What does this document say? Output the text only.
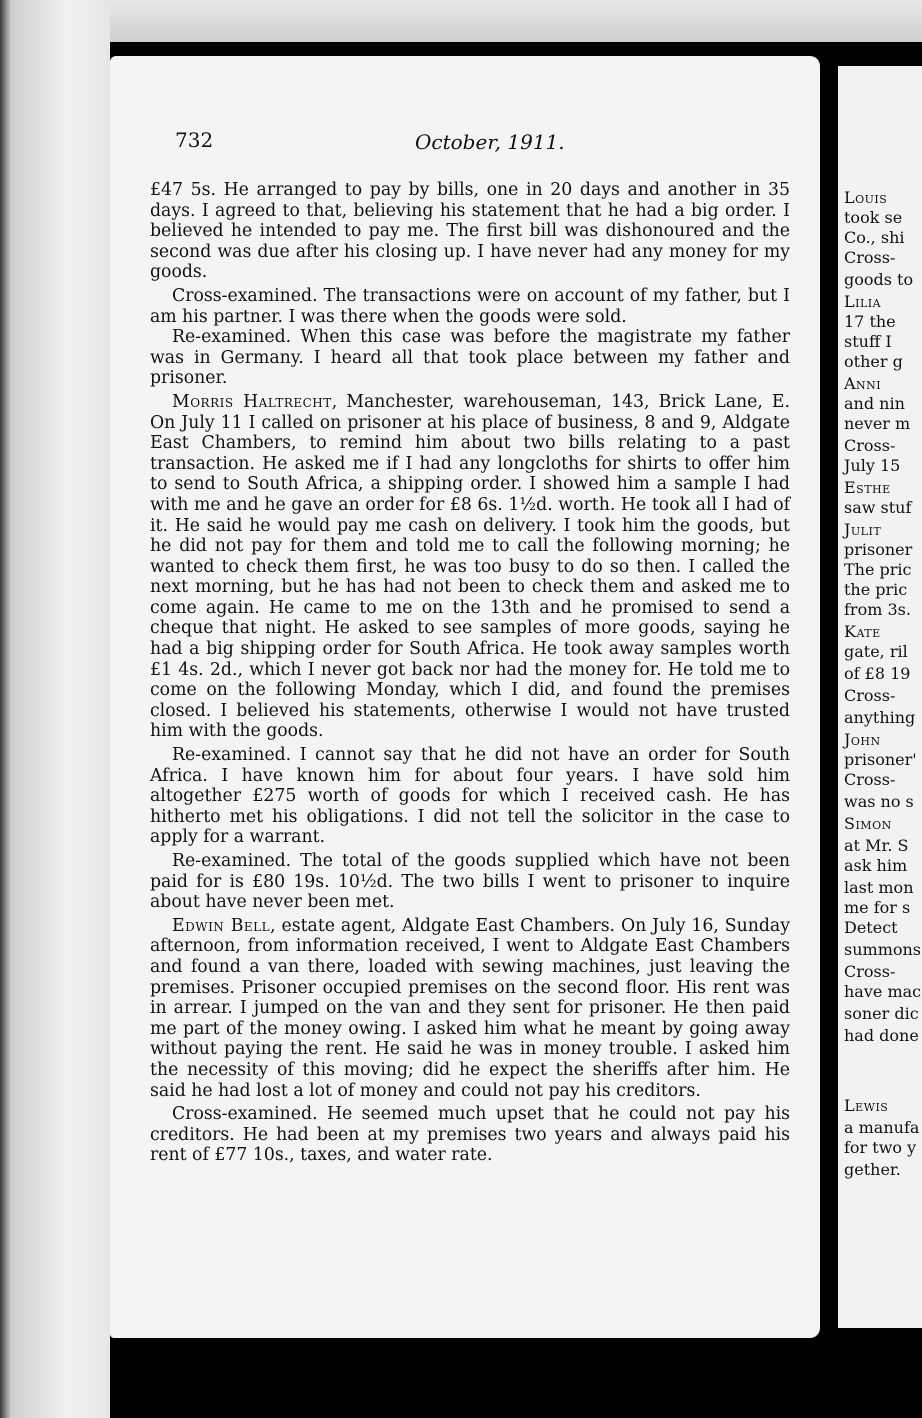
732	October, 1911.

£47 5s. He arranged to pay by bills, one in 20 days and another in 35 days. I agreed to that, believing his statement that he had a big order. I believed he intended to pay me. The first bill was dishonoured and the second was due after his closing up. I have never had any money for my goods.

Cross-examined. The transactions were on account of my father, but I am his partner. I was there when the goods were sold.

Re-examined. When this case was before the magistrate my father was in Germany. I heard all that took place between my father and prisoner.

Morris Haltrecht, Manchester, warehouseman, 143, Brick Lane, E. On July 11 I called on prisoner at his place of business, 8 and 9, Aldgate East Chambers, to remind him about two bills relating to a past transaction. He asked me if I had any longcloths for shirts to offer him to send to South Africa, a shipping order. I showed him a sample I had with me and he gave an order for £8 6s. 1½d. worth. He took all I had of it. He said he would pay me cash on delivery. I took him the goods, but he did not pay for them and told me to call the following morning; he wanted to check them first, he was too busy to do so then. I called the next morning, but he has had not been to check them and asked me to come again. He came to me on the 13th and he promised to send a cheque that night. He asked to see samples of more goods, saying he had a big shipping order for South Africa. He took away samples worth £1 4s. 2d., which I never got back nor had the money for. He told me to come on the following Monday, which I did, and found the premises closed. I believed his statements, otherwise I would not have trusted him with the goods.

Re-examined. I cannot say that he did not have an order for South Africa. I have known him for about four years. I have sold him altogether £275 worth of goods for which I received cash. He has hitherto met his obligations. I did not tell the solicitor in the case to apply for a warrant.

Re-examined. The total of the goods supplied which have not been paid for is £80 19s. 10½d. The two bills I went to prisoner to inquire about have never been met.

Edwin Bell, estate agent, Aldgate East Chambers. On July 16, Sunday afternoon, from information received, I went to Aldgate East Chambers and found a van there, loaded with sewing machines, just leaving the premises. Prisoner occupied premises on the second floor. His rent was in arrear. I jumped on the van and they sent for prisoner. He then paid me part of the money owing. I asked him what he meant by going away without paying the rent. He said he was in money trouble. I asked him the necessity of this moving; did he expect the sheriffs after him. He said he had lost a lot of money and could not pay his creditors.

Cross-examined. He seemed much upset that he could not pay his creditors. He had been at my premises two years and always paid his rent of £77 10s., taxes, and water rate.

Louis
took se
Co., shi
Cross-
goods to
Lilia
17 the
stuff I
other g
Anni
and nin
never m
Cross-
July 15
Esthe
saw stuf
Julit
prisoner
The pric
the pric
from 3s.
Kate
gate, ril
of £8 19
Cross-
anything
John
prisoner'
Cross-
was no s
Simon
at Mr. S
ask him
last mon
me for s
Detect
summons
Cross-
have mac
soner dic
had done
Lewis
a manufa
for two y
gether.
